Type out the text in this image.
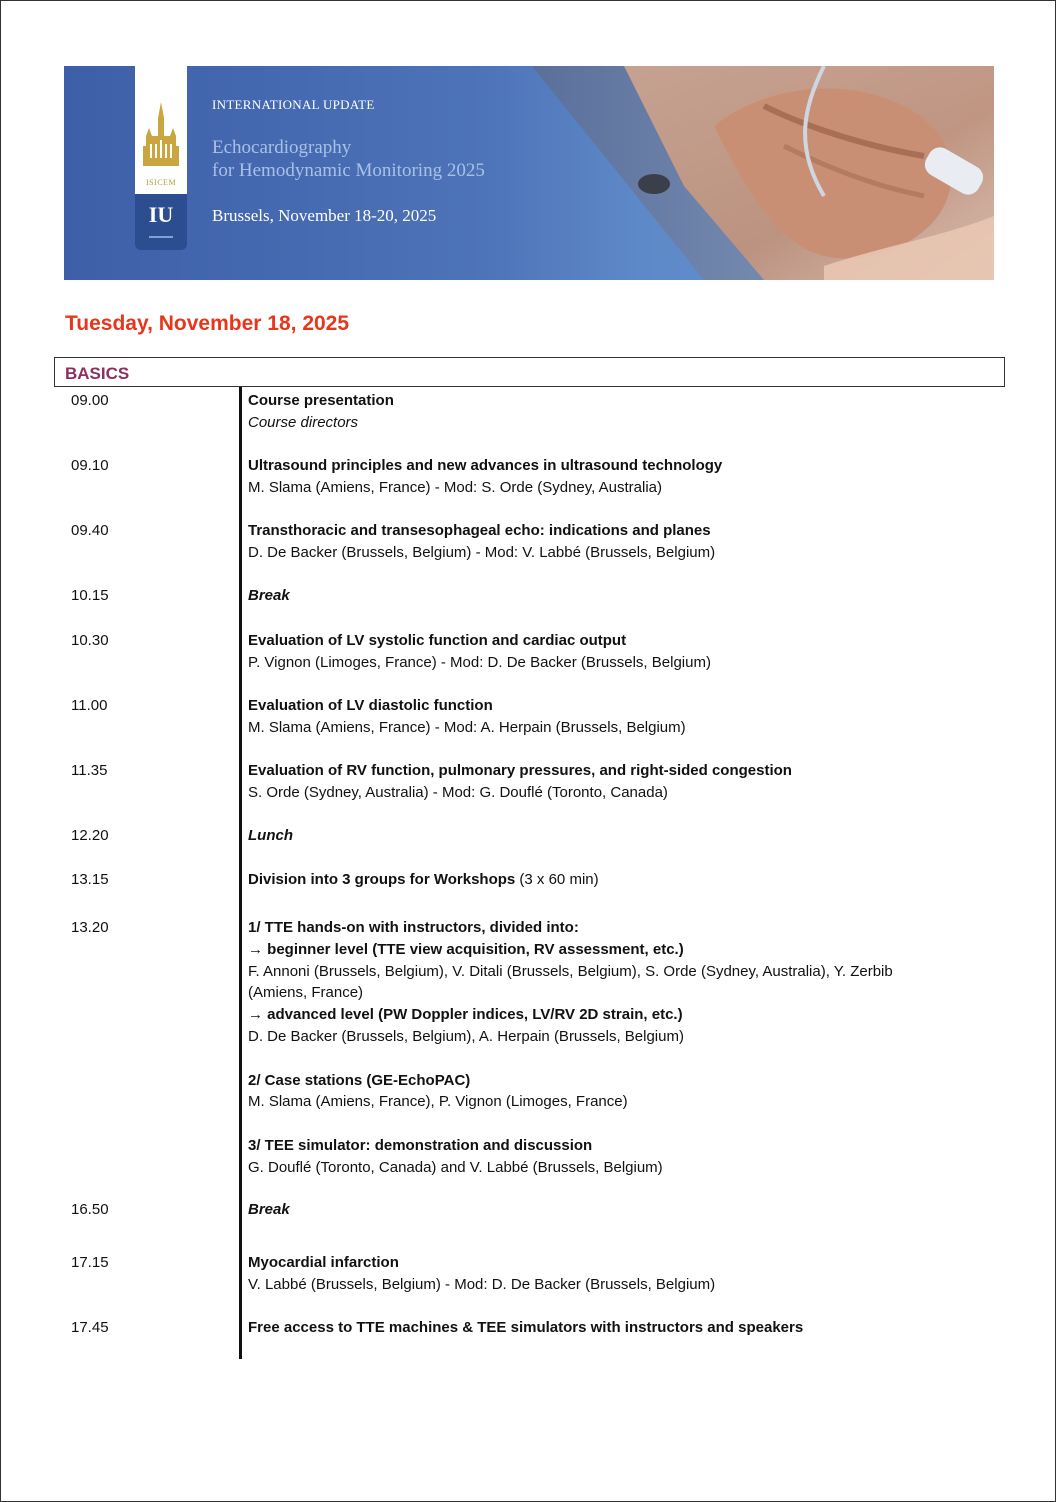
ISICEM
IU
INTERNATIONAL UPDATE
Echocardiography
for Hemodynamic Monitoring 2025
Brussels, November 18-20, 2025
Tuesday, November 18, 2025
BASICS
09.00	Course presentation
Course directors
09.10	Ultrasound principles and new advances in ultrasound technology
M. Slama (Amiens, France) - Mod: S. Orde (Sydney, Australia)
09.40	Transthoracic and transesophageal echo: indications and planes
D. De Backer (Brussels, Belgium) - Mod: V. Labbé (Brussels, Belgium)
10.15	Break
10.30	Evaluation of LV systolic function and cardiac output
P. Vignon (Limoges, France) - Mod: D. De Backer (Brussels, Belgium)
11.00	Evaluation of LV diastolic function
M. Slama (Amiens, France) - Mod: A. Herpain (Brussels, Belgium)
11.35	Evaluation of RV function, pulmonary pressures, and right-sided congestion
S. Orde (Sydney, Australia) - Mod: G. Douflé (Toronto, Canada)
12.20	Lunch
13.15	Division into 3 groups for Workshops (3 x 60 min)
13.20	1/ TTE hands-on with instructors, divided into:
→ beginner level (TTE view acquisition, RV assessment, etc.)
F. Annoni (Brussels, Belgium), V. Ditali (Brussels, Belgium), S. Orde (Sydney, Australia), Y. Zerbib
(Amiens, France)
→ advanced level (PW Doppler indices, LV/RV 2D strain, etc.)
D. De Backer (Brussels, Belgium), A. Herpain (Brussels, Belgium)
2/ Case stations (GE-EchoPAC)
M. Slama (Amiens, France), P. Vignon (Limoges, France)
3/ TEE simulator: demonstration and discussion
G. Douflé (Toronto, Canada) and V. Labbé (Brussels, Belgium)
16.50	Break
17.15	Myocardial infarction
V. Labbé (Brussels, Belgium) - Mod: D. De Backer (Brussels, Belgium)
17.45	Free access to TTE machines & TEE simulators with instructors and speakers
